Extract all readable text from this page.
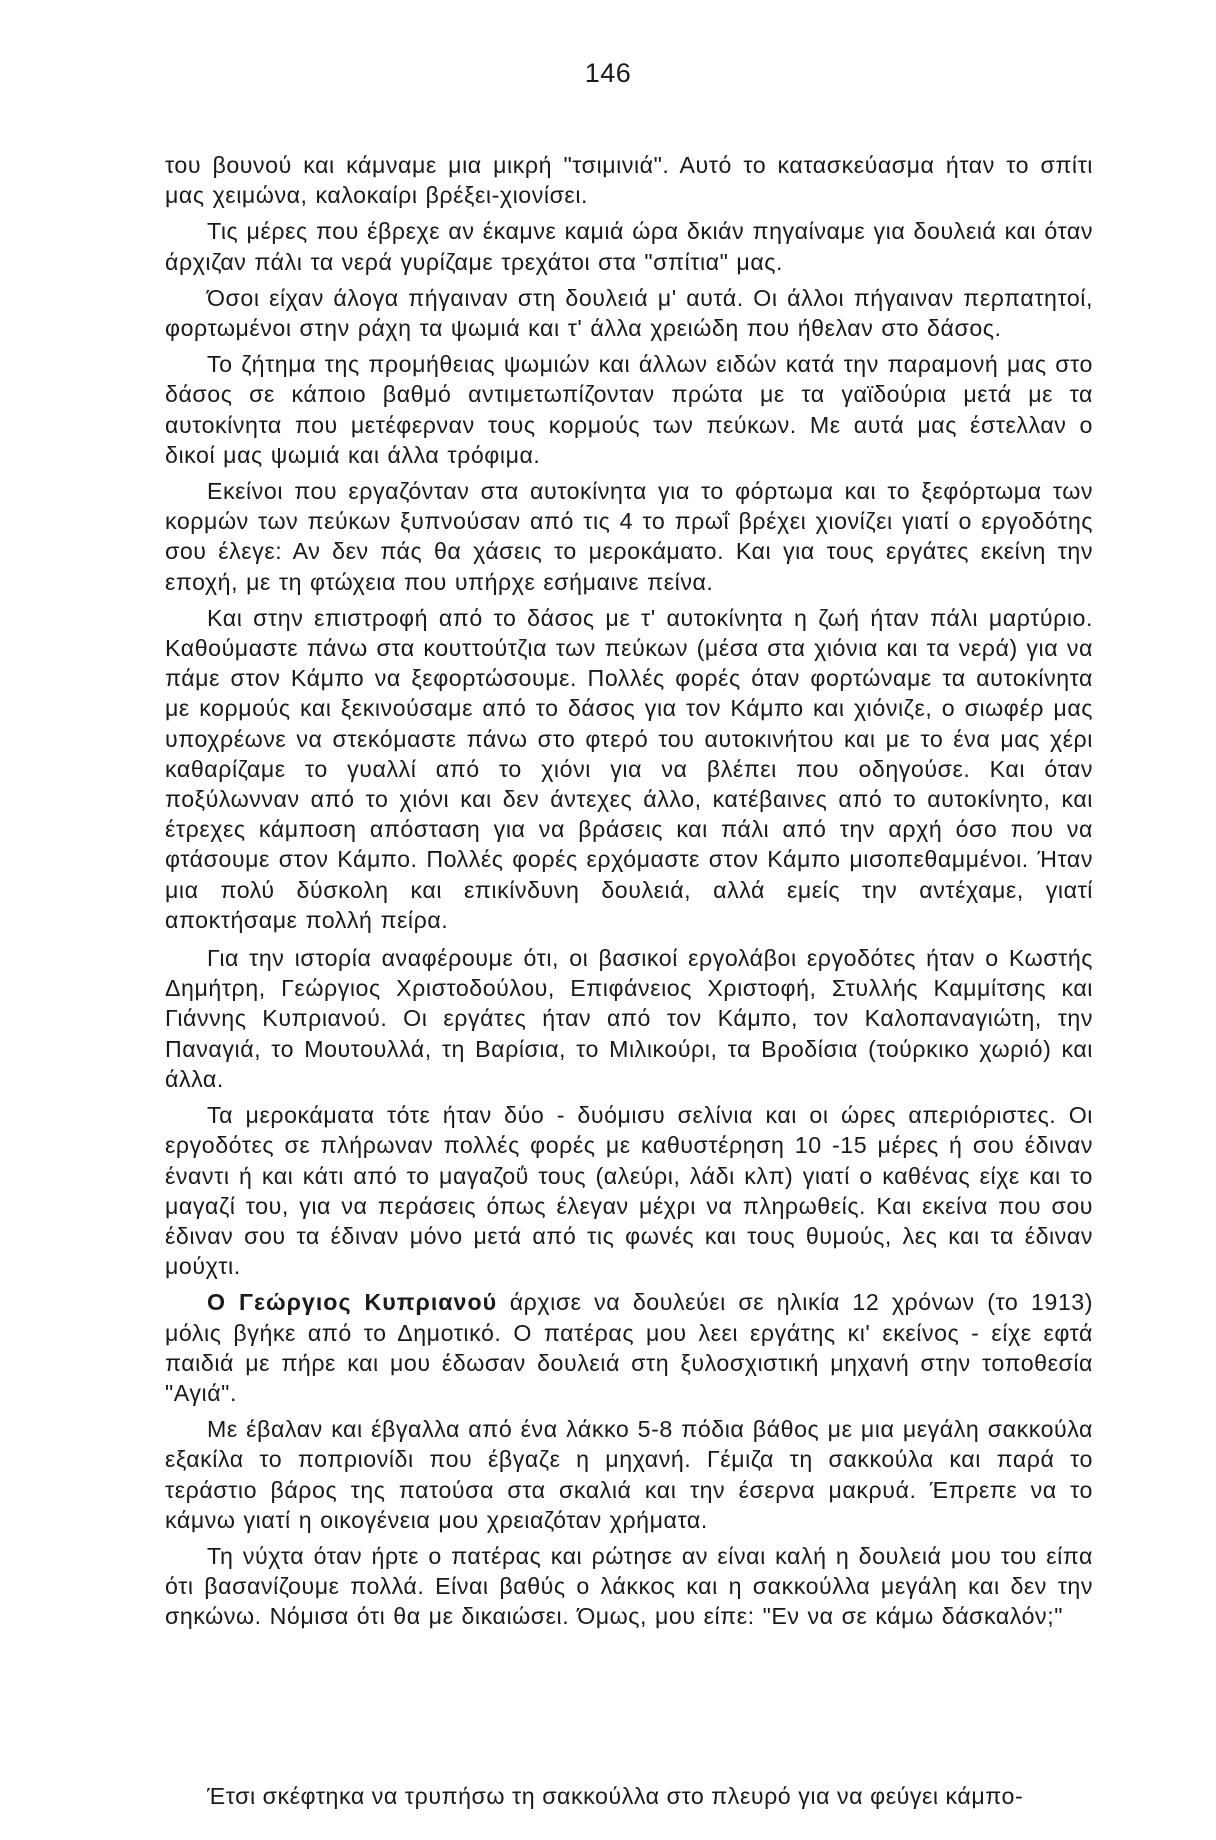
146

του βουνού και κάμναμε μια μικρή "τσιμινιά". Αυτό το κατασκεύασμα ήταν το σπίτι μας χειμώνα, καλοκαίρι βρέξει-χιονίσει.

Τις μέρες που έβρεχε αν έκαμνε καμιά ώρα δκιάν πηγαίναμε για δουλειά και όταν άρχιζαν πάλι τα νερά γυρίζαμε τρεχάτοι στα "σπίτια" μας.

Όσοι είχαν άλογα πήγαιναν στη δουλειά μ' αυτά. Οι άλλοι πήγαιναν περπατητοί, φορτωμένοι στην ράχη τα ψωμιά και τ' άλλα χρειώδη που ήθελαν στο δάσος.

Το ζήτημα της προμήθειας ψωμιών και άλλων ειδών κατά την παραμονή μας στο δάσος σε κάποιο βαθμό αντιμετωπίζονταν πρώτα με τα γαϊδούρια μετά με τα αυτοκίνητα που μετέφερναν τους κορμούς των πεύκων. Με αυτά μας έστελλαν ο δικοί μας ψωμιά και άλλα τρόφιμα.

Εκείνοι που εργαζόνταν στα αυτοκίνητα για το φόρτωμα και το ξεφόρτωμα των κορμών των πεύκων ξυπνούσαν από τις 4 το πρωΐ βρέχει χιονίζει γιατί ο εργοδότης σου έλεγε: Αν δεν πάς θα χάσεις το μεροκάματο. Και για τους εργάτες εκείνη την εποχή, με τη φτώχεια που υπήρχε εσήμαινε πείνα.

Και στην επιστροφή από το δάσος με τ' αυτοκίνητα η ζωή ήταν πάλι μαρτύριο. Καθούμαστε πάνω στα κουττούτζια των πεύκων (μέσα στα χιόνια και τα νερά) για να πάμε στον Κάμπο να ξεφορτώσουμε. Πολλές φορές όταν φορτώναμε τα αυτοκίνητα με κορμούς και ξεκινούσαμε από το δάσος για τον Κάμπο και χιόνιζε, ο σιωφέρ μας υποχρέωνε να στεκόμαστε πάνω στο φτερό του αυτοκινήτου και με το ένα μας χέρι καθαρίζαμε το γυαλλί από το χιόνι για να βλέπει που οδηγούσε. Και όταν ποξύλωνναν από το χιόνι και δεν άντεχες άλλο, κατέβαινες από το αυτοκίνητο, και έτρεχες κάμποση απόσταση για να βράσεις και πάλι από την αρχή όσο που να φτάσουμε στον Κάμπο. Πολλές φορές ερχόμαστε στον Κάμπο μισοπεθαμμένοι. Ήταν μια πολύ δύσκολη και επικίνδυνη δουλειά, αλλά εμείς την αντέχαμε, γιατί αποκτήσαμε πολλή πείρα.

Για την ιστορία αναφέρουμε ότι, οι βασικοί εργολάβοι εργοδότες ήταν ο Κωστής Δημήτρη, Γεώργιος Χριστοδούλου, Επιφάνειος Χριστοφή, Στυλλής Καμμίτσης και Γιάννης Κυπριανού. Οι εργάτες ήταν από τον Κάμπο, τον Καλοπαναγιώτη, την Παναγιά, το Μουτουλλά, τη Βαρίσια, το Μιλικούρι, τα Βροδίσια (τούρκικο χωριό) και άλλα.

Τα μεροκάματα τότε ήταν δύο - δυόμισυ σελίνια και οι ώρες απεριόριστες. Οι εργοδότες σε πλήρωναν πολλές φορές με καθυστέρηση 10 -15 μέρες ή σου έδιναν έναντι ή και κάτι από το μαγαζοΰ τους (αλεύρι, λάδι κλπ) γιατί ο καθένας είχε και το μαγαζί του, για να περάσεις όπως έλεγαν μέχρι να πληρωθείς. Και εκείνα που σου έδιναν σου τα έδιναν μόνο μετά από τις φωνές και τους θυμούς, λες και τα έδιναν μούχτι.

Ο Γεώργιος Κυπριανού άρχισε να δουλεύει σε ηλικία 12 χρόνων (το 1913) μόλις βγήκε από το Δημοτικό. Ο πατέρας μου λεει εργάτης κι' εκείνος - είχε εφτά παιδιά με πήρε και μου έδωσαν δουλειά στη ξυλοσχιστική μηχανή στην τοποθεσία "Αγιά".

Με έβαλαν και έβγαλλα από ένα λάκκο 5-8 πόδια βάθος με μια μεγάλη σακκούλα εξακίλα το ποπριονίδι που έβγαζε η μηχανή. Γέμιζα τη σακκούλα και παρά το τεράστιο βάρος της πατούσα στα σκαλιά και την έσερνα μακρυά. Έπρεπε να το κάμνω γιατί η οικογένεια μου χρειαζόταν χρήματα.

Τη νύχτα όταν ήρτε ο πατέρας και ρώτησε αν είναι καλή η δουλειά μου του είπα ότι βασανίζουμε πολλά. Είναι βαθύς ο λάκκος και η σακκούλλα μεγάλη και δεν την σηκώνω. Νόμισα ότι θα με δικαιώσει. Όμως, μου είπε: "Εν να σε κάμω δάσκαλόν;"

Έτσι σκέφτηκα να τρυπήσω τη σακκούλλα στο πλευρό για να φεύγει κάμπο-
